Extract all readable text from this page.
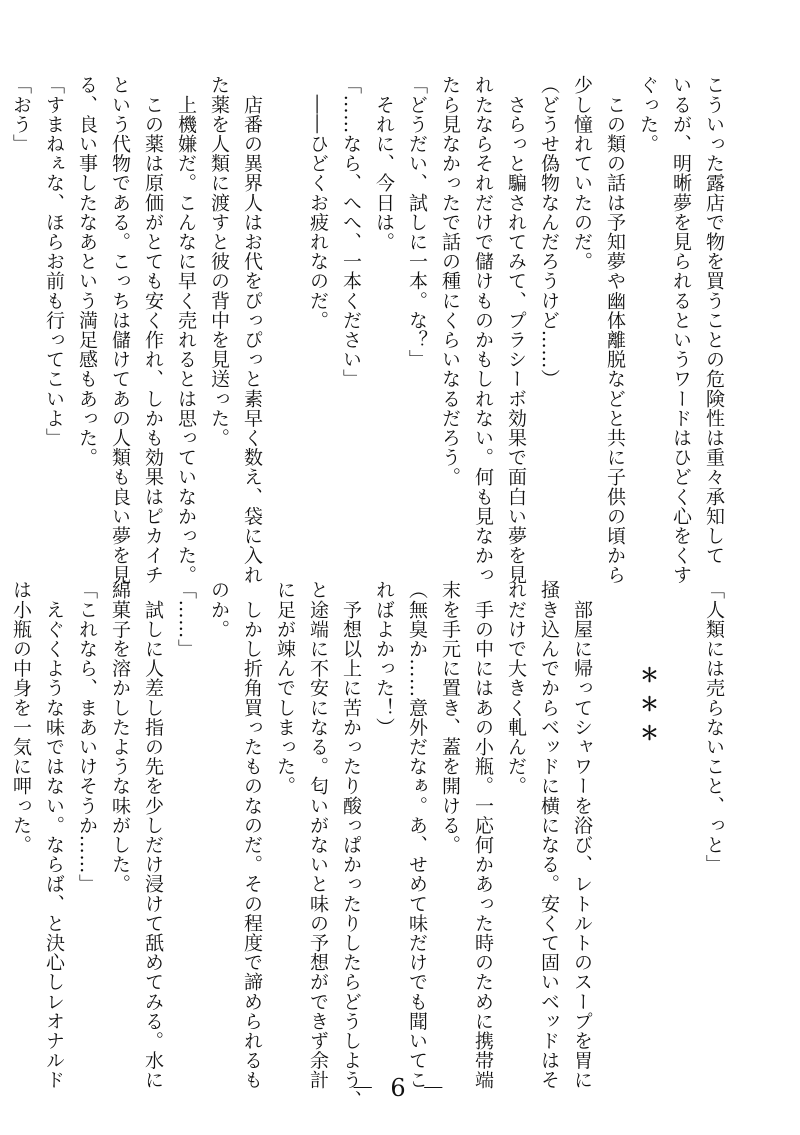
こういった露店で物を買うことの危険性は重々承知して
いるが、明晰夢を見られるというワードはひどく心をくす
ぐった。
　この類の話は予知夢や幽体離脱などと共に子供の頃から
少し憧れていたのだ。
（どうせ偽物なんだろうけど……）
　さらっと騙されてみて、プラシーボ効果で面白い夢を見
れたならそれだけで儲けものかもしれない。何も見なかっ
たら見なかったで話の種にくらいなるだろう。
「どうだい、試しに一本。な？」
　それに、今日は。
「……なら、へへ、一本ください」
　――ひどくお疲れなのだ。

　店番の異界人はお代をぴっぴっと素早く数え、袋に入れ
た薬を人類に渡すと彼の背中を見送った。
　上機嫌だ。こんなに早く売れるとは思っていなかった。
　この薬は原価がとても安く作れ、しかも効果はピカイチ
という代物である。こっちは儲けてあの人類も良い夢を見
る、良い事したなあという満足感もあった。
「すまねぇな、ほらお前も行ってこいよ」
「おう」
「人類には売らないこと、っと」

＊＊＊

　部屋に帰ってシャワーを浴び、レトルトのスープを胃に
掻き込んでからベッドに横になる。安くて固いベッドはそ
れだけで大きく軋んだ。
　手の中にはあの小瓶。一応何かあった時のために携帯端
末を手元に置き、蓋を開ける。
（無臭か……意外だなぁ。あ、せめて味だけでも聞いてこ
ればよかった！）
　予想以上に苦かったり酸っぱかったりしたらどうしよう、
と途端に不安になる。匂いがないと味の予想ができず余計
に足が竦んでしまった。
　しかし折角買ったものなのだ。その程度で諦められるも
のか。
「……」
　試しに人差し指の先を少しだけ浸けて舐めてみる。水に
綿菓子を溶かしたような味がした。
「これなら、まあいけそうか……」
　えぐくような味ではない。ならば、と決心しレオナルド
は小瓶の中身を一気に呷った。
－ 6 －
